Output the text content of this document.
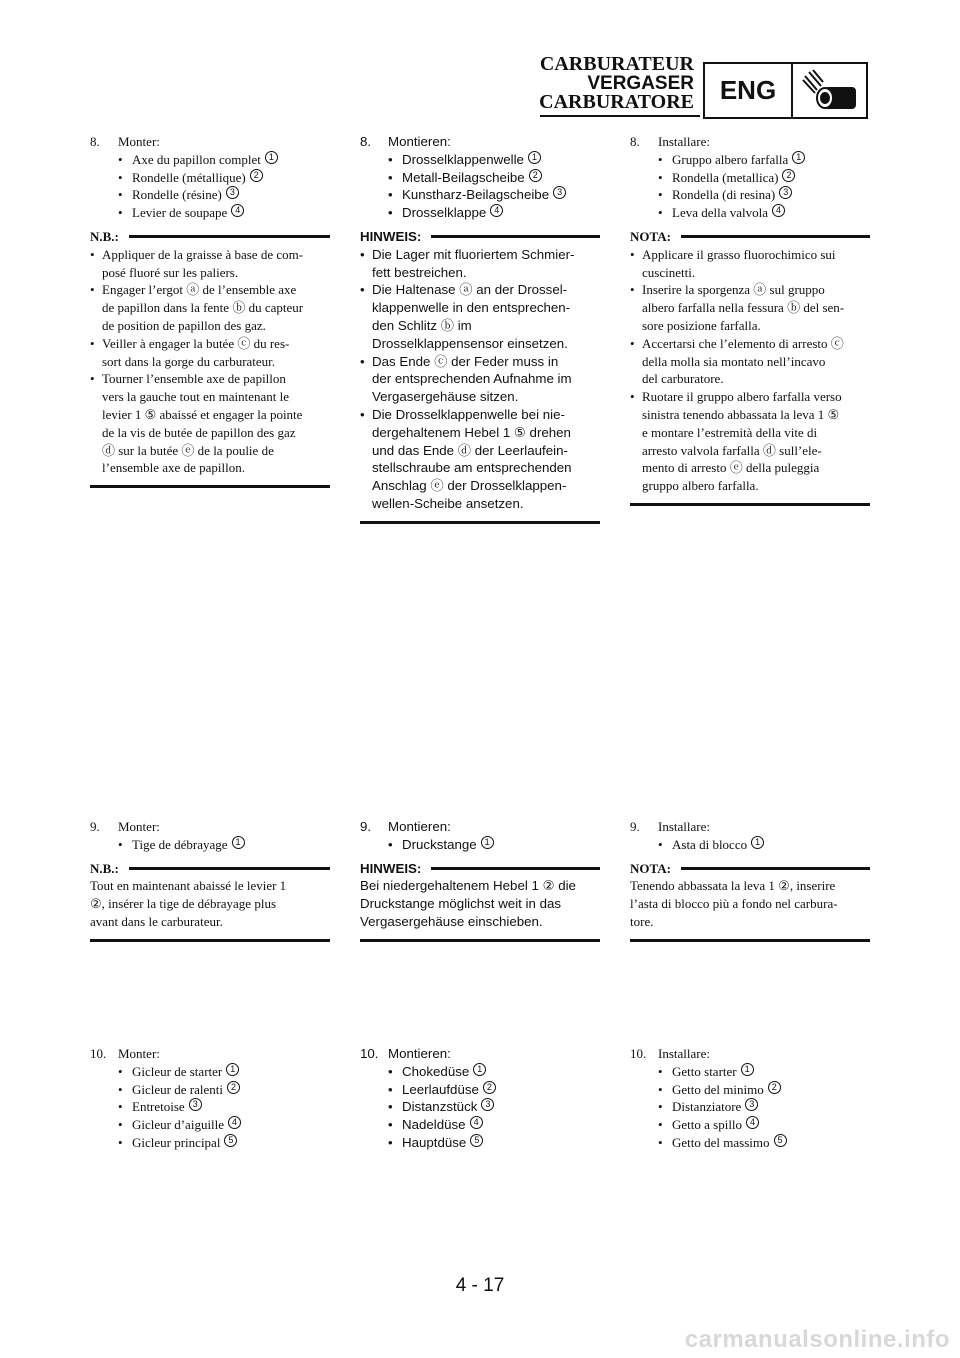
CARBURATEUR
VERGASER
CARBURATORE ENG
8.	Monter:
• Axe du papillon complet 1
• Rondelle (métallique) 2
• Rondelle (résine) 3
• Levier de soupape 4
N.B.:
• Appliquer de la graisse à base de com-
posé fluoré sur les paliers.
• Engager l’ergot ⓐ de l’ensemble axe
de papillon dans la fente ⓑ du capteur
de position de papillon des gaz.
• Veiller à engager la butée ⓒ du res-
sort dans la gorge du carburateur.
• Tourner l’ensemble axe de papillon
vers la gauche tout en maintenant le
levier 1 ⑤ abaissé et engager la pointe
de la vis de butée de papillon des gaz
ⓓ sur la butée ⓔ de la poulie de
l’ensemble axe de papillon.
9.	Monter:
• Tige de débrayage 1
N.B.:
Tout en maintenant abaissé le levier 1
②, insérer la tige de débrayage plus
avant dans le carburateur.
10. Monter:
• Gicleur de starter 1
• Gicleur de ralenti 2
• Entretoise 3
• Gicleur d’aiguille 4
• Gicleur principal 5
8.	Montieren:
• Drosselklappenwelle 1
• Metall-Beilagscheibe 2
• Kunstharz-Beilagscheibe 3
• Drosselklappe 4
HINWEIS:
• Die Lager mit fluoriertem Schmier-
fett bestreichen.
• Die Haltenase ⓐ an der Drossel-
klappenwelle in den entsprechen-
den Schlitz ⓑ im
Drosselklappensensor einsetzen.
• Das Ende ⓒ der Feder muss in
der entsprechenden Aufnahme im
Vergasergehäuse sitzen.
• Die Drosselklappenwelle bei nie-
dergehaltenem Hebel 1 ⑤ drehen
und das Ende ⓓ der Leerlaufein-
stellschraube am entsprechenden
Anschlag ⓔ der Drosselklappen-
wellen-Scheibe ansetzen.
9.	Montieren:
• Druckstange 1
HINWEIS:
Bei niedergehaltenem Hebel 1 ② die
Druckstange möglichst weit in das
Vergasergehäuse einschieben.
10. Montieren:
• Chokedüse 1
• Leerlaufdüse 2
• Distanzstück 3
• Nadeldüse 4
• Hauptdüse 5
8.	Installare:
• Gruppo albero farfalla 1
• Rondella (metallica) 2
• Rondella (di resina) 3
• Leva della valvola 4
NOTA:
• Applicare il grasso fluorochimico sui
cuscinetti.
• Inserire la sporgenza ⓐ sul gruppo
albero farfalla nella fessura ⓑ del sen-
sore posizione farfalla.
• Accertarsi che l’elemento di arresto ⓒ
della molla sia montato nell’incavo
del carburatore.
• Ruotare il gruppo albero farfalla verso
sinistra tenendo abbassata la leva 1 ⑤
e montare l’estremità della vite di
arresto valvola farfalla ⓓ sull’ele-
mento di arresto ⓔ della puleggia
gruppo albero farfalla.
9.	Installare:
• Asta di blocco 1
NOTA:
Tenendo abbassata la leva 1 ②, inserire
l’asta di blocco più a fondo nel carbura-
tore.
10. Installare:
• Getto starter 1
• Getto del minimo 2
• Distanziatore 3
• Getto a spillo 4
• Getto del massimo 5
4 - 17
carmanualsonline.info
